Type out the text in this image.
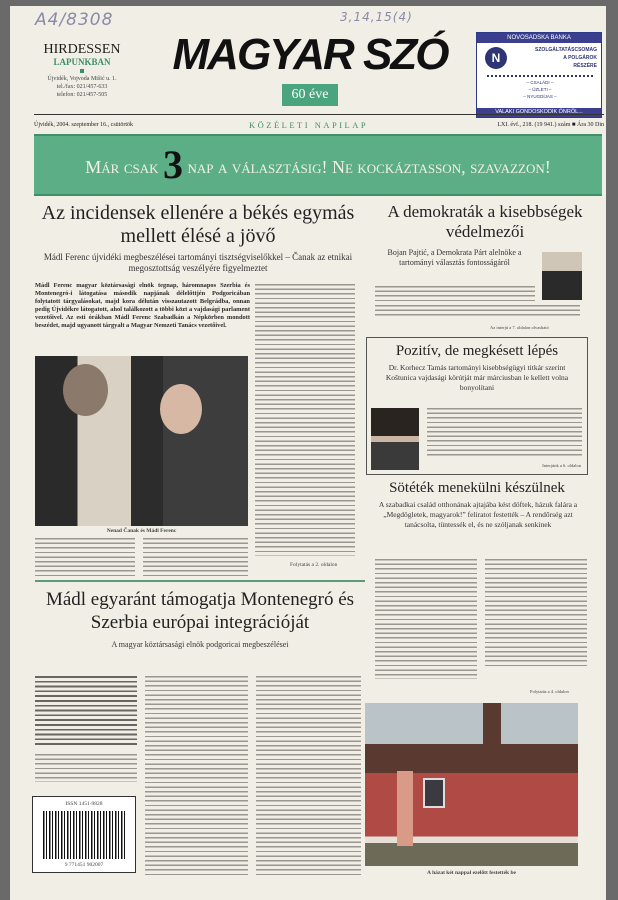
A4/8308	3,14,15(4)
HIRDESSEN
LAPUNKBAN
Újvidék, Vojvoda Mišić u. 1.
tel./fax: 021/457-633
telefon: 021/457-505
MAGYAR SZÓ
60 éve
NOVOSADSKA BANKA
N
SZOLGÁLTATÁSCSOMAG
A POLGÁROK
RÉSZÉRE
– CSALÁDI –
– ÜZLETI –
– NYUGDÍJAS –
VALAKI GONDOSKODIK ÖNRŐL...
Újvidék, 2004. szeptember 16., csütörtök	KÖZÉLETI NAPILAP	LXI. évf., 218. (19 941.) szám ■ Ára 30 Din
Már csak 3 nap a választásig! Ne kockáztasson, szavazzon!
Az incidensek ellenére a békés egymás mellett élésé a jövő
Mádl Ferenc újvidéki megbeszélései tartományi tisztségviselőkkel – Čanak az etnikai megosztottság veszélyére figyelmeztet
Mádl Ferenc magyar köztársasági elnök tegnap, háromnapos Szerbia és Montenegró-i látogatása második napjának délelőttjén Podgoricában folytatott tárgyalásokat, majd kora délután visszautazott Belgrádba, onnan pedig Újvidékre látogatott, ahol találkozott a többi közt a vajdasági parlament vezetőivel. Az esti órákban Mádl Ferenc Szabadkán a Népkörben mondott beszédet, majd ugyanott tárgyalt a Magyar Nemzeti Tanács vezetőivel.
Nenad Čanak és Mádl Ferenc
Folytatás a 2. oldalon
Mádl egyaránt támogatja Montenegró és Szerbia európai integrációját
A magyar köztársasági elnök podgoricai megbeszélései
ISSN 1451-9828
9 771451 902007
A demokraták a kisebbségek védelmezői
Bojan Pajtić, a Demokrata Párt alelnöke a tartományi választás fontosságáról
Az interjú a 7. oldalon olvasható
Pozitív, de megkésett lépés
Dr. Korhecz Tamás tartományi kisebbségügyi titkár szerint Koštunica vajdasági körútját már márciusban le kellett volna bonyolítani
Interjúnk a 6. oldalon
Sötéték menekülni készülnek
A szabadkai család otthonának ajtajába kést döftek, házuk falára a „Megdögletek, magyarok!” feliratot festették – A rendőrség azt tanácsolta, tüntessék el, és ne szóljanak senkinek
Folytatás a 4. oldalon
A házat két nappal ezelőtt festették be
